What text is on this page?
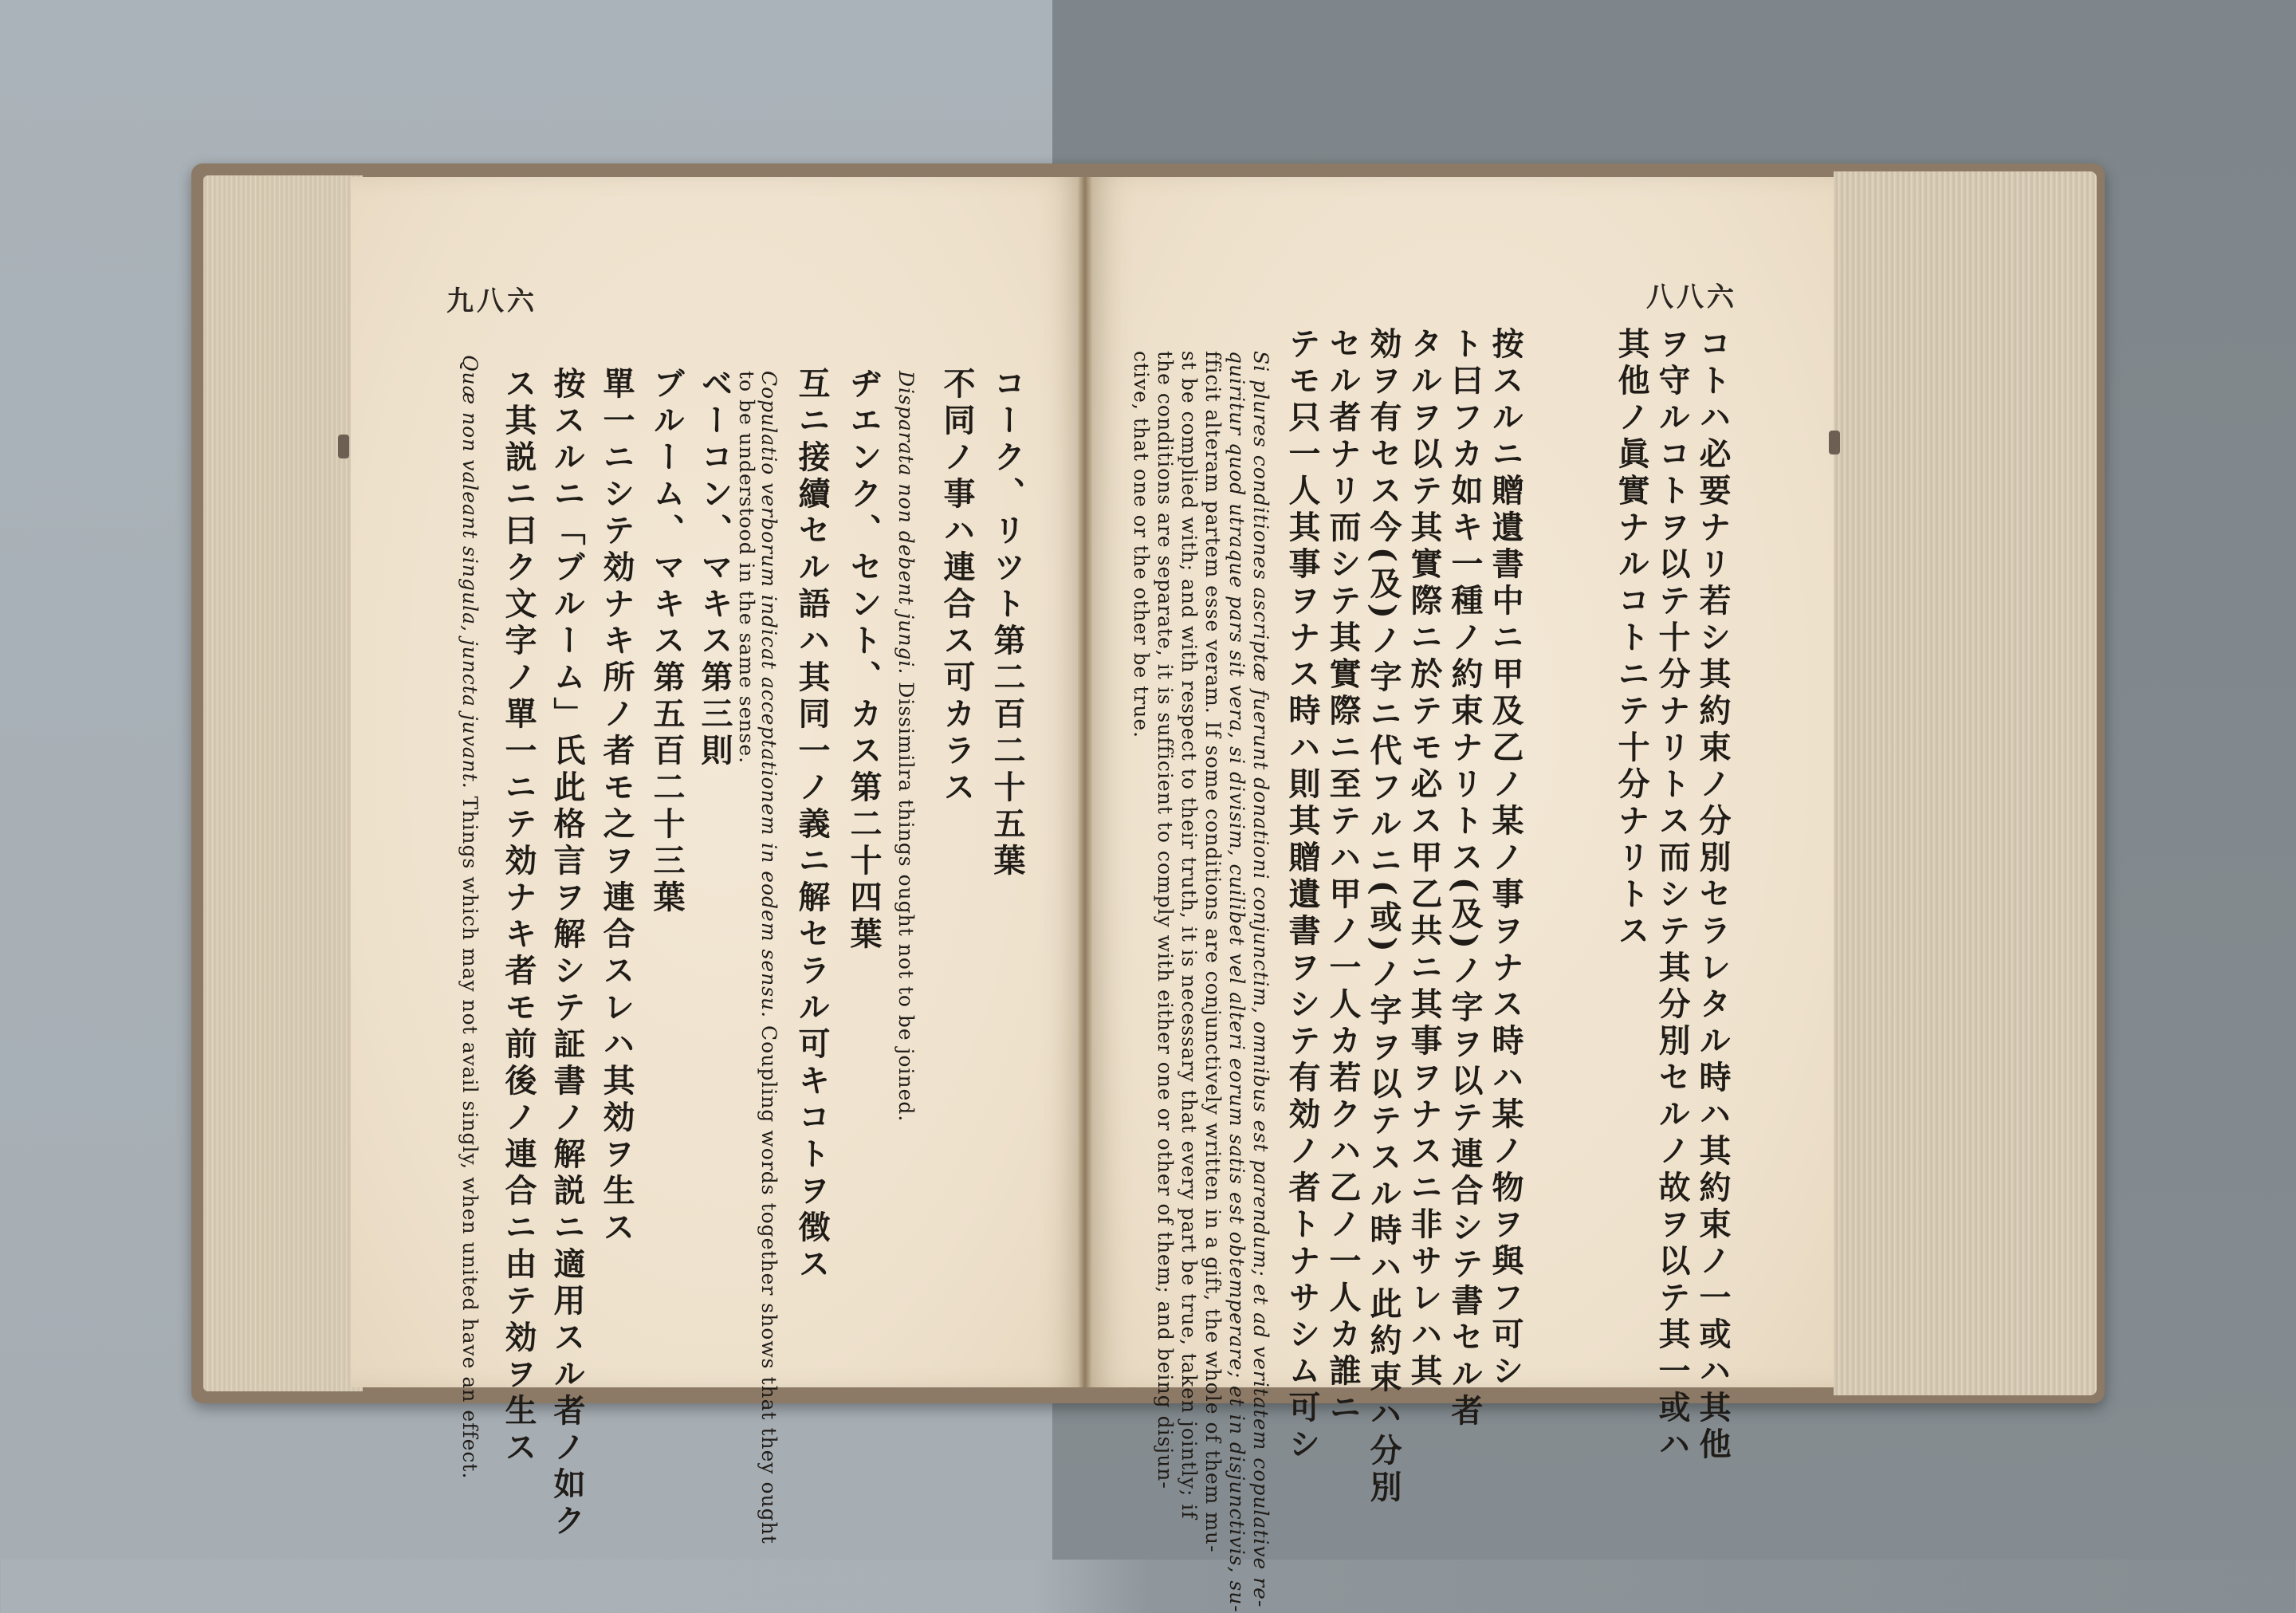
九八六	八八六
コトハ必要ナリ若シ其約束ノ分別セラレタル時ハ其約束ノ一或ハ其他
ヲ守ルコトヲ以テ十分ナリトス而シテ其分別セルノ故ヲ以テ其一或ハ
其他ノ眞實ナルコトニテ十分ナリトス
按スルニ贈遺書中ニ甲及乙ノ某ノ事ヲナス時ハ某ノ物ヲ與フ可シ
ト曰フカ如キ一種ノ約束ナリトス(及)ノ字ヲ以テ連合シテ書セル者
タルヲ以テ其實際ニ於テモ必ス甲乙共ニ其事ヲナスニ非サレハ其
効ヲ有セス今(及)ノ字ニ代フルニ(或)ノ字ヲ以テスル時ハ此約束ハ分別
セル者ナリ而シテ其實際ニ至テハ甲ノ一人カ若クハ乙ノ一人カ誰ニ
テモ只一人其事ヲナス時ハ則其贈遺書ヲシテ有効ノ者トナサシム可シ
Si plures conditiones ascriptæ fuerunt donationi conjunctim, omnibus est parendum; et ad veritatem copulative re-
quiritur quod utraque pars sit vera, si divisim, cuilibet vel alteri eorum satis est obtemperare; et in disjunctivis, su-
fficit alteram partem esse veram. If some conditions are conjunctively written in a gift, the whole of them mu-
st be complied with; and with respect to their truth, it is necessary that every part be true, taken jointly; if
the conditions are separate, it is sufficient to comply with either one or other of them; and being disjun-
ctive, that one or the other be true.
コーク、リツト第二百二十五葉
不同ノ事ハ連合ス可カラス
Disparata non debent jungi. Dissimilra things ought not to be joined.
ヂエンク、セント、カス第二十四葉
互ニ接續セル語ハ其同一ノ義ニ解セラル可キコトヲ徴ス
Copulatio verborum indicat acceptationem in eodem sensu. Coupling words together shows that they ought
to be understood in the same sense.
ベーコン、マキス第三則
ブルーム、マキス第五百二十三葉
單一ニシテ効ナキ所ノ者モ之ヲ連合スレハ其効ヲ生ス
按スルニ「ブルーム」氏此格言ヲ解シテ証書ノ解説ニ適用スル者ノ如ク
ス其説ニ曰ク文字ノ單一ニテ効ナキ者モ前後ノ連合ニ由テ効ヲ生ス
Quæ non valeant singula, juncta juvant. Things which may not avail singly, when united have an effect.
